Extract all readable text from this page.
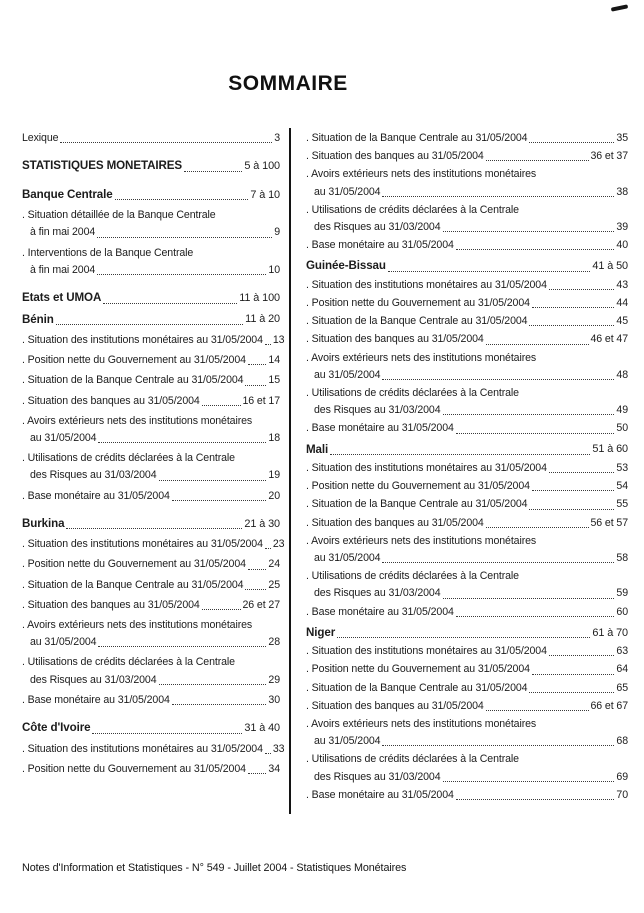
SOMMAIRE
Lexique	3
STATISTIQUES MONETAIRES	5 à 100
Banque Centrale	7 à 10
. Situation détaillée de la Banque Centrale
à fin mai 2004	9
. Interventions de la Banque Centrale
à fin mai 2004	10
Etats et UMOA	11 à 100
Bénin	11 à 20
. Situation des institutions monétaires au 31/05/2004 13
. Position nette du Gouvernement au 31/05/2004 14
. Situation de la Banque Centrale au 31/05/2004 15
. Situation des banques au 31/05/2004	16 et 17
. Avoirs extérieurs nets des institutions monétaires
au 31/05/2004	18
. Utilisations de crédits déclarées à la Centrale
des Risques au 31/03/2004	19
. Base monétaire au 31/05/2004	20
Burkina	21 à 30
. Situation des institutions monétaires au 31/05/2004 23
. Position nette du Gouvernement au 31/05/2004 24
. Situation de la Banque Centrale au 31/05/2004 25
. Situation des banques au 31/05/2004	26 et 27
. Avoirs extérieurs nets des institutions monétaires
au 31/05/2004	28
. Utilisations de crédits déclarées à la Centrale
des Risques au 31/03/2004	29
. Base monétaire au 31/05/2004	30
Côte d'Ivoire	31 à 40
. Situation des institutions monétaires au 31/05/2004 33
. Position nette du Gouvernement au 31/05/2004 34
. Situation de la Banque Centrale au 31/05/2004	35
. Situation des banques au 31/05/2004	36 et 37
. Avoirs extérieurs nets des institutions monétaires
au 31/05/2004	38
. Utilisations de crédits déclarées à la Centrale
des Risques au 31/03/2004	39
. Base monétaire au 31/05/2004	40
Guinée-Bissau	41 à 50
. Situation des institutions monétaires au 31/05/2004	43
. Position nette du Gouvernement au 31/05/2004	44
. Situation de la Banque Centrale au 31/05/2004	45
. Situation des banques au 31/05/2004	46 et 47
. Avoirs extérieurs nets des institutions monétaires
au 31/05/2004	48
. Utilisations de crédits déclarées à la Centrale
des Risques au 31/03/2004	49
. Base monétaire au 31/05/2004	50
Mali	51 à 60
. Situation des institutions monétaires au 31/05/2004	53
. Position nette du Gouvernement au 31/05/2004	54
. Situation de la Banque Centrale au 31/05/2004	55
. Situation des banques au 31/05/2004	56 et 57
. Avoirs extérieurs nets des institutions monétaires
au 31/05/2004	58
. Utilisations de crédits déclarées à la Centrale
des Risques au 31/03/2004	59
. Base monétaire au 31/05/2004	60
Niger	61 à 70
. Situation des institutions monétaires au 31/05/2004	63
. Position nette du Gouvernement au 31/05/2004	64
. Situation de la Banque Centrale au 31/05/2004	65
. Situation des banques au 31/05/2004	66 et 67
. Avoirs extérieurs nets des institutions monétaires
au 31/05/2004	68
. Utilisations de crédits déclarées à la Centrale
des Risques au 31/03/2004	69
. Base monétaire au 31/05/2004	70
Notes d'Information et Statistiques - N° 549 - Juillet 2004 - Statistiques Monétaires
